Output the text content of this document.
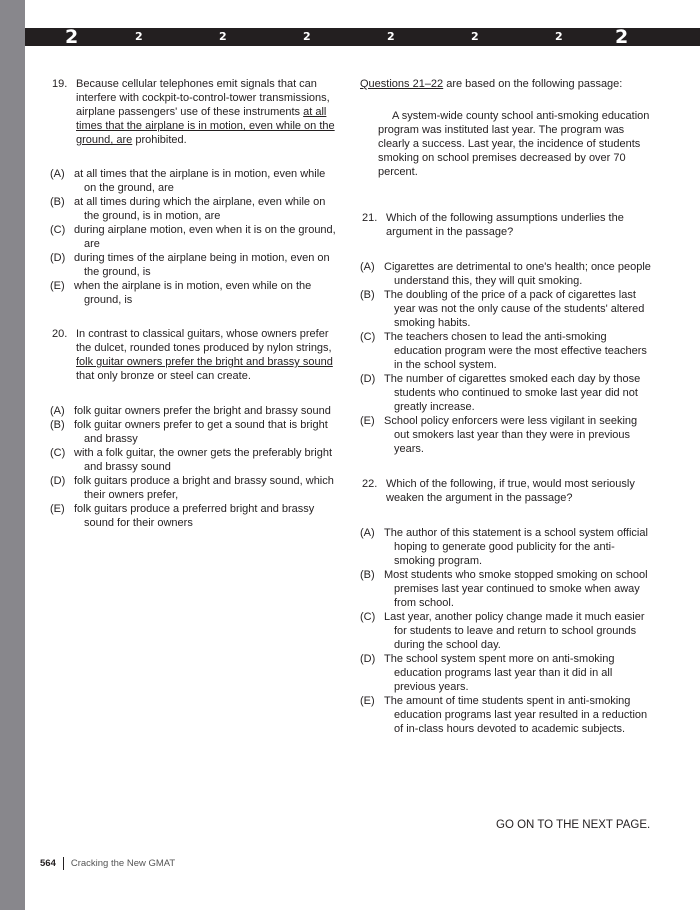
2	2	2	2	2	2	2	2
19. Because cellular telephones emit signals that can interfere with cockpit-to-control-tower transmissions, airplane passengers' use of these instruments at all times that the airplane is in motion, even while on the ground, are prohibited.
(A) at all times that the airplane is in motion, even while on the ground, are
(B) at all times during which the airplane, even while on the ground, is in motion, are
(C) during airplane motion, even when it is on the ground, are
(D) during times of the airplane being in motion, even on the ground, is
(E) when the airplane is in motion, even while on the ground, is
20. In contrast to classical guitars, whose owners prefer the dulcet, rounded tones produced by nylon strings, folk guitar owners prefer the bright and brassy sound that only bronze or steel can create.
(A) folk guitar owners prefer the bright and brassy sound
(B) folk guitar owners prefer to get a sound that is bright and brassy
(C) with a folk guitar, the owner gets the preferably bright and brassy sound
(D) folk guitars produce a bright and brassy sound, which their owners prefer,
(E) folk guitars produce a preferred bright and brassy sound for their owners
Questions 21–22 are based on the following passage:
A system-wide county school anti-smoking education program was instituted last year. The program was clearly a success. Last year, the incidence of students smoking on school premises decreased by over 70 percent.
21. Which of the following assumptions underlies the argument in the passage?
(A) Cigarettes are detrimental to one's health; once people understand this, they will quit smoking.
(B) The doubling of the price of a pack of cigarettes last year was not the only cause of the students' altered smoking habits.
(C) The teachers chosen to lead the anti-smoking education program were the most effective teachers in the school system.
(D) The number of cigarettes smoked each day by those students who continued to smoke last year did not greatly increase.
(E) School policy enforcers were less vigilant in seeking out smokers last year than they were in previous years.
22. Which of the following, if true, would most seriously weaken the argument in the passage?
(A) The author of this statement is a school system official hoping to generate good publicity for the anti-smoking program.
(B) Most students who smoke stopped smoking on school premises last year continued to smoke when away from school.
(C) Last year, another policy change made it much easier for students to leave and return to school grounds during the school day.
(D) The school system spent more on anti-smoking education programs last year than it did in all previous years.
(E) The amount of time students spent in anti-smoking education programs last year resulted in a reduction of in-class hours devoted to academic subjects.
GO ON TO THE NEXT PAGE.
564 Cracking the New GMAT
